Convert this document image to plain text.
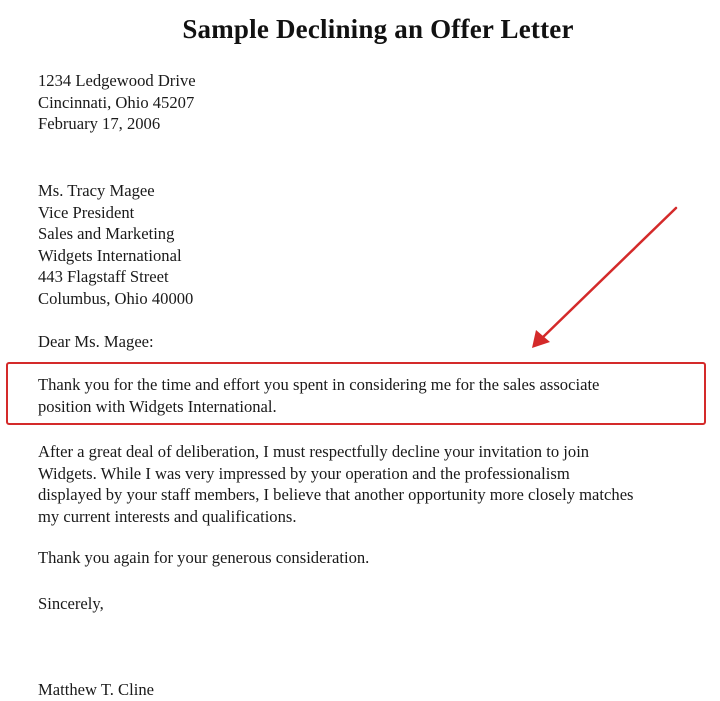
Sample Declining an Offer Letter
1234 Ledgewood Drive
Cincinnati, Ohio 45207
February 17, 2006
Ms. Tracy Magee
Vice President
Sales and Marketing
Widgets International
443 Flagstaff Street
Columbus, Ohio 40000
Dear Ms. Magee:
Thank you for the time and effort you spent in considering me for the sales associate
position with Widgets International.
After a great deal of deliberation, I must respectfully decline your invitation to join
Widgets. While I was very impressed by your operation and the professionalism
displayed by your staff members, I believe that another opportunity more closely matches
my current interests and qualifications.
Thank you again for your generous consideration.
Sincerely,
Matthew T. Cline
